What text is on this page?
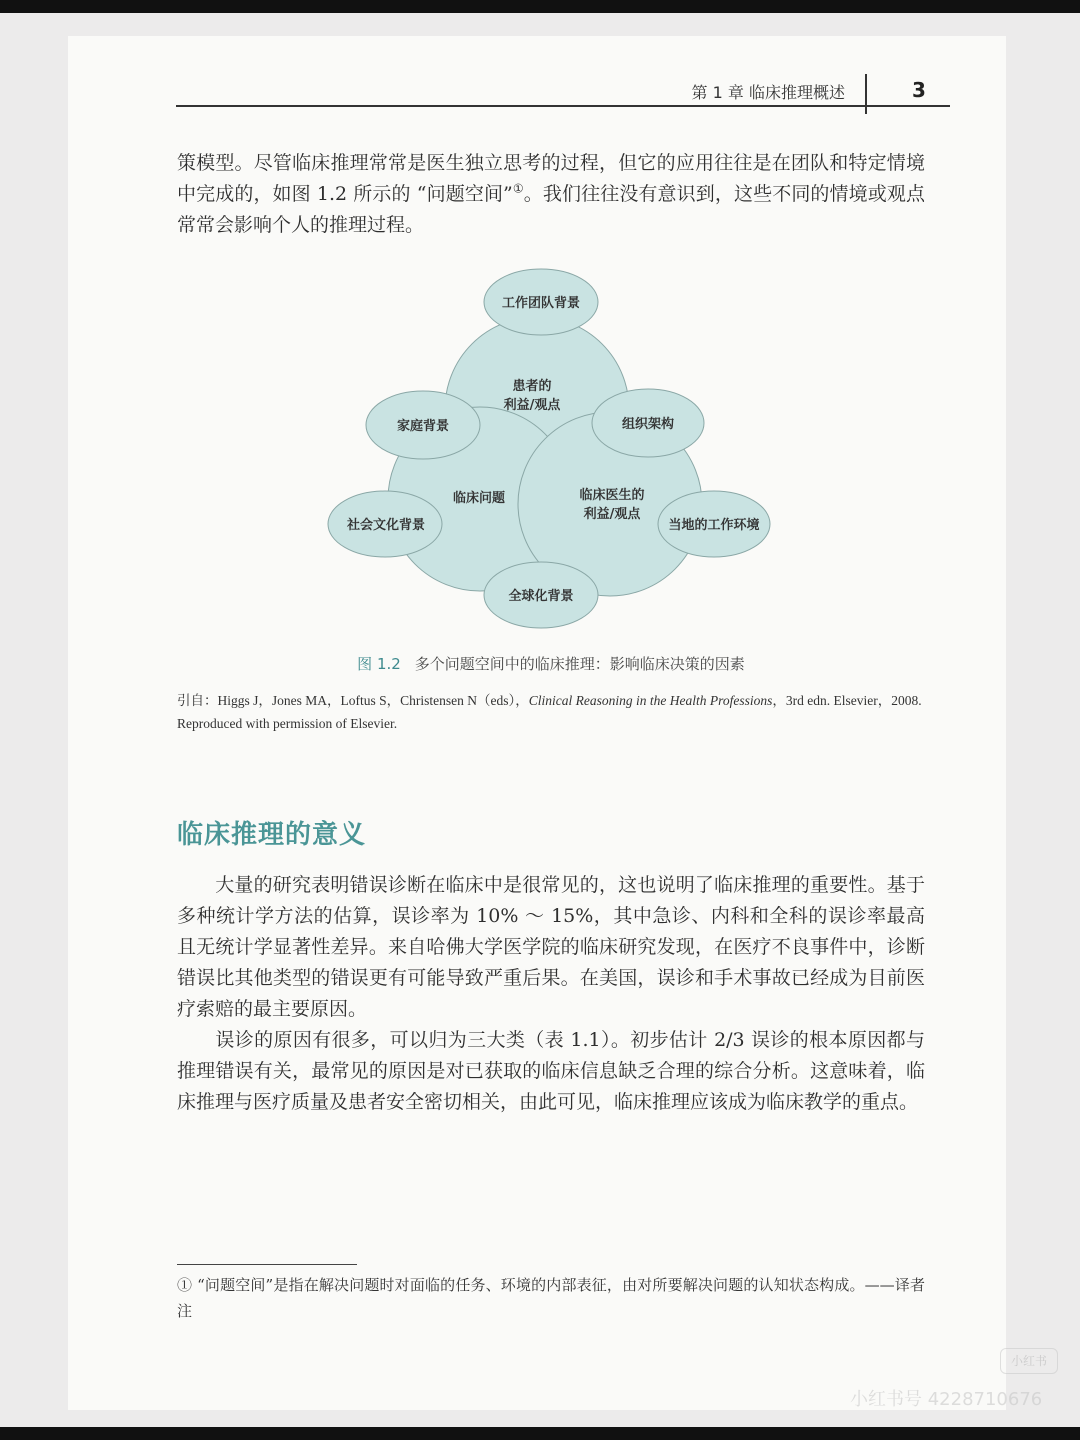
第 1 章 临床推理概述	3

策模型。尽管临床推理常常是医生独立思考的过程，但它的应用往往是在团队和特定情境中完成的，如图 1.2 所示的 “问题空间”①。我们往往没有意识到，这些不同的情境或观点常常会影响个人的推理过程。

工作团队背景
患者的
利益/观点
家庭背景	组织架构
临床问题	临床医生的
利益/观点
社会文化背景	当地的工作环境
全球化背景
图 1.2 多个问题空间中的临床推理：影响临床决策的因素
引自：Higgs J，Jones MA，Loftus S，Christensen N（eds），Clinical Reasoning in the Health Professions，3rd edn. Elsevier，2008. Reproduced with permission of Elsevier.
临床推理的意义

大量的研究表明错误诊断在临床中是很常见的，这也说明了临床推理的重要性。基于多种统计学方法的估算，误诊率为 10% ～ 15%，其中急诊、内科和全科的误诊率最高且无统计学显著性差异。来自哈佛大学医学院的临床研究发现，在医疗不良事件中，诊断错误比其他类型的错误更有可能导致严重后果。在美国，误诊和手术事故已经成为目前医疗索赔的最主要原因。

误诊的原因有很多，可以归为三大类（表 1.1）。初步估计 2/3 误诊的根本原因都与推理错误有关，最常见的原因是对已获取的临床信息缺乏合理的综合分析。这意味着，临床推理与医疗质量及患者安全密切相关，由此可见，临床推理应该成为临床教学的重点。

① “问题空间”是指在解决问题时对面临的任务、环境的内部表征，由对所要解决问题的认知状态构成。——译者注
小红书
小红书号 4228710676
